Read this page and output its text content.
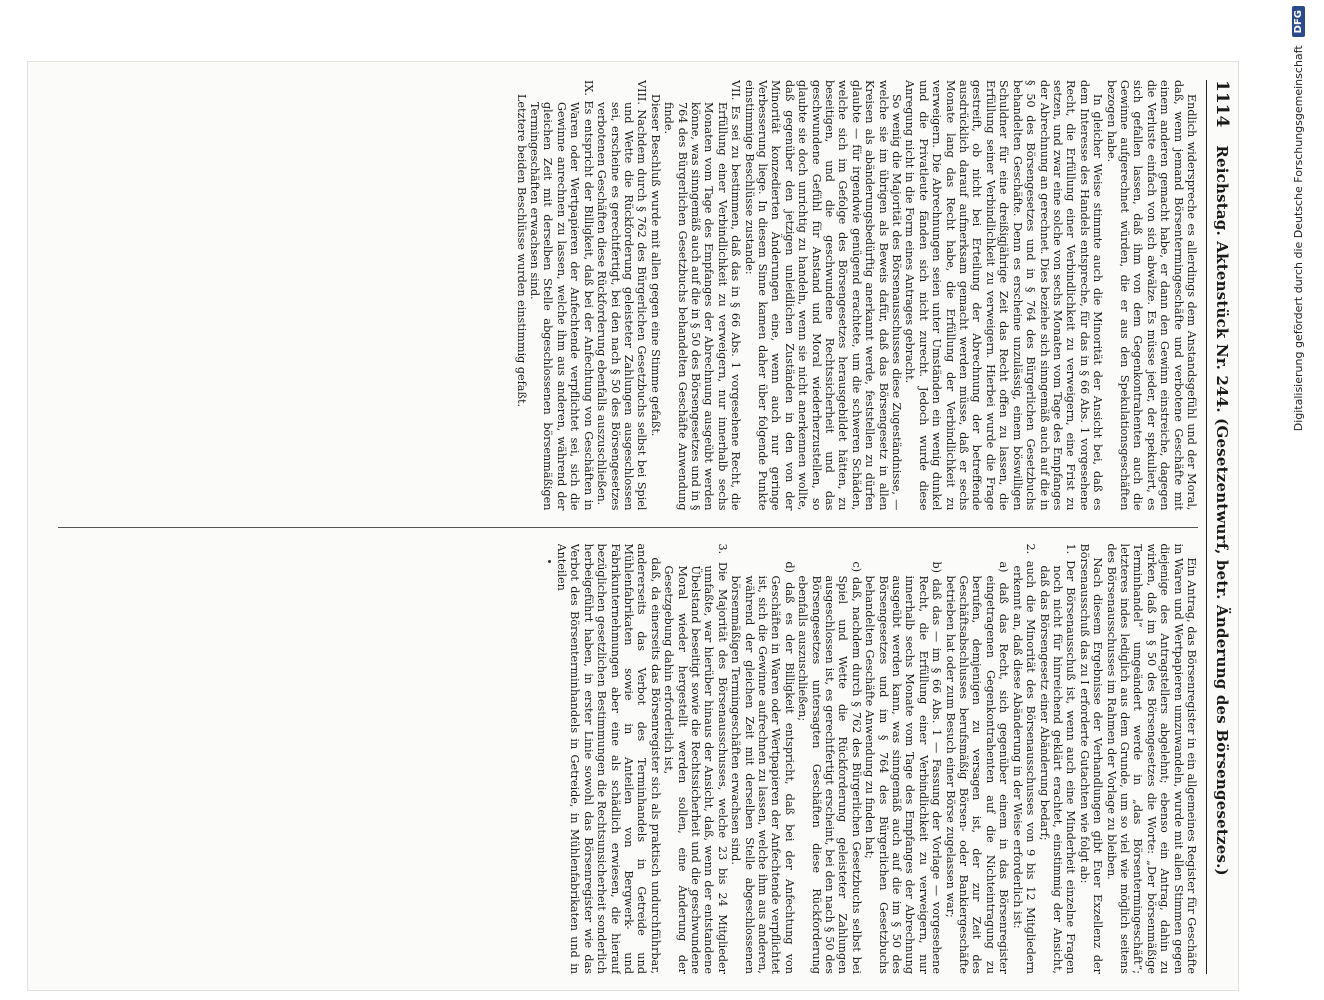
1114
Reichstag. Aktenstück Nr. 244. (Gesetzentwurf, betr. Änderung des Börsengesetzes.)

Endlich widerspreche es allerdings dem Anstandsgefühl und der Moral, daß, wenn jemand Börsentermingeschäfte und verbotene Geschäfte mit einem anderen gemacht habe, er dann den Gewinn einstreiche, dagegen die Verluste einfach von sich abwälze. Es müsse jeder, der spekuliert, es sich gefallen lassen, daß ihm von dem Gegenkontrahenten auch die Gewinne aufgerechnet würden, die er aus den Spekulationsgeschäften bezogen habe.

In gleicher Weise stimmte auch die Minorität der Ansicht bei, daß es dem Interesse des Handels entspreche, für das in § 66 Abs. 1 vorgesehene Recht, die Erfüllung einer Verbindlichkeit zu verweigern, eine Frist zu setzen, und zwar eine solche von sechs Monaten vom Tage des Empfanges der Abrechnung an gerechnet. Dies beziehe sich sinngemäß auch auf die in § 50 des Börsengesetzes und in § 764 des Bürgerlichen Gesetzbuchs behandelten Geschäfte. Denn es erscheine unzulässig, einem böswilligen Schuldner für eine dreißigjährige Zeit das Recht offen zu lassen, die Erfüllung seiner Verbindlichkeit zu verweigern. Hierbei wurde die Frage gestreift, ob nicht bei Erteilung der Abrechnung der betreffende ausdrücklich darauf aufmerksam gemacht werden müsse, daß er sechs Monate lang das Recht habe, die Erfüllung der Verbindlichkeit zu verweigern. Die Abrechnungen seien unter Umständen ein wenig dunkel und die Privatleute fänden sich nicht zurecht. Jedoch wurde diese Anregung nicht in die Form eines Antrages gebracht.

So wenig die Majorität des Börsenausschusses diese Zugeständnisse, — welche sie im übrigen als Beweis dafür, daß das Börsengesetz in allen Kreisen als abänderungsbedürftig anerkannt werde, feststellen zu dürfen glaubte — für irgendwie genügend erachtete, um die schweren Schäden, welche sich im Gefolge des Börsengesetzes herausgebildet hätten, zu beseitigen, und die geschwundene Rechtssicherheit und das geschwundene Gefühl für Anstand und Moral wiederherzustellen, so glaubte sie doch unrichtig zu handeln, wenn sie nicht anerkennen wollte, daß gegenüber den jetzigen unleidlichen Zuständen in den von der Minorität konzedierten Änderungen eine, wenn auch nur geringe Verbesserung liege. In diesem Sinne kamen daher über folgende Punkte einstimmige Beschlüsse zustande:

VII. Es sei zu bestimmen, daß das in § 66 Abs. 1 vorgesehene Recht, die Erfüllung einer Verbindlichkeit zu verweigern, nur innerhalb sechs Monaten vom Tage des Empfanges der Abrechnung ausgeübt werden könne, was sinngemäß auch auf die in § 50 des Börsengesetzes und in § 764 des Bürgerlichen Gesetzbuchs behandelten Geschäfte Anwendung finde.

Dieser Beschluß wurde mit allen gegen eine Stimme gefaßt.

VIII. Nachdem durch § 762 des Bürgerlichen Gesetzbuchs selbst bei Spiel und Wette die Rückforderung geleisteter Zahlungen ausgeschlossen sei, erscheine es gerechtfertigt, bei den nach § 50 des Börsengesetzes verbotenen Geschäften diese Rückforderung ebenfalls auszuschließen.

IX. Es entspricht der Billigkeit, daß bei der Anfechtung von Geschäften in Waren oder Wertpapieren der Anfechtende verpflichtet sei, sich die Gewinne anrechnen zu lassen, welche ihm aus anderen, während der gleichen Zeit mit derselben Stelle abgeschlossenen börsenmäßigen Termingeschäften erwachsen sind.

Letztere beiden Beschlüsse wurden einstimmig gefaßt.

Ein Antrag, das Börsenregister in ein allgemeines Register für Geschäfte in Waren und Wertpapieren umzuwandeln, wurde mit allen Stimmen gegen diejenige des Antragstellers abgelehnt; ebenso ein Antrag, dahin zu wirken, daß im § 50 des Börsengesetzes die Worte: „Der börsenmäßige Terminhandel“ umgeändert werde in „das Börsentermingeschäft“; letzteres indes lediglich aus dem Grunde, um so viel wie möglich seitens des Börsenausschusses im Rahmen der Vorlage zu bleiben.

Nach diesem Ergebnisse der Verhandlungen gibt Euer Exzellenz der Börsenausschuß das zu I erforderte Gutachten wie folgt ab:

1. Der Börsenausschuß ist, wenn auch eine Minderheit einzelne Fragen noch nicht für hinreichend geklärt erachtet, einstimmig der Ansicht, daß das Börsengesetz einer Abänderung bedarf;

2. auch die Minorität des Börsenausschusses von 9 bis 12 Mitgliedern erkennt an, daß diese Abänderung in der Weise erforderlich ist:

a) daß das Recht, sich gegenüber einem in das Börsenregister eingetragenen Gegenkontrahenten auf die Nichteintragung zu berufen, demjenigen zu versagen ist, der zur Zeit des Geschäftsabschlusses berufsmäßig Börsen- oder Bankiergeschäfte betrieben hat oder zum Besuch einer Börse zugelassen war;

b) daß das — im § 66 Abs. 1 — Fassung der Vorlage — vorgesehene Recht, die Erfüllung einer Verbindlichkeit zu verweigern, nur innerhalb sechs Monate vom Tage des Empfanges der Abrechnung ausgeübt werden kann, was sinngemäß auch auf die im § 50 des Börsengesetzes und im § 764 des Bürgerlichen Gesetzbuchs behandelten Geschäfte Anwendung zu finden hat;

c) daß, nachdem durch § 762 des Bürgerlichen Gesetzbuchs selbst bei Spiel und Wette die Rückforderung geleisteter Zahlungen ausgeschlossen ist, es gerechtfertigt erscheint, bei den nach § 50 des Börsengesetzes untersagten Geschäften diese Rückforderung ebenfalls auszuschließen;

d) daß es der Billigkeit entspricht, daß bei der Anfechtung von Geschäften in Waren oder Wertpapieren der Anfechtende verpflichtet ist, sich die Gewinne aufrechnen zu lassen, welche ihm aus anderen, während der gleichen Zeit mit derselben Stelle abgeschlossenen börsenmäßigen Termingeschäften erwachsen sind.

3. Die Majorität des Börsenausschusses, welche 23 bis 24 Mitglieder umfaßte, war hierüber hinaus der Ansicht, daß, wenn der entstandene Übelstand beseitigt sowie die Rechtssicherheit und die geschwundene Moral wieder hergestellt werden sollen, eine Änderung der Gesetzgebung dahin erforderlich ist,

daß, da einerseits das Börsenregister sich als praktisch undurchführbar, andererseits das Verbot des Terminhandels in Getreide und Mühlenfabrikaten sowie in Anteilen von Bergwerk- und Fabrikunternehmungen aber eine als schädlich erwiesen, die hierauf bezüglichen gesetzlichen Bestimmungen die Rechtsunsicherheit sonderlich herbeigeführt haben, in erster Linie sowohl das Börsenregister wie das Verbot des Börsenterminhandels in Getreide, in Mühlenfabrikaten und in Anteilen

Digitalisierung gefördert durch die Deutsche Forschungsgemeinschaft
DFG
